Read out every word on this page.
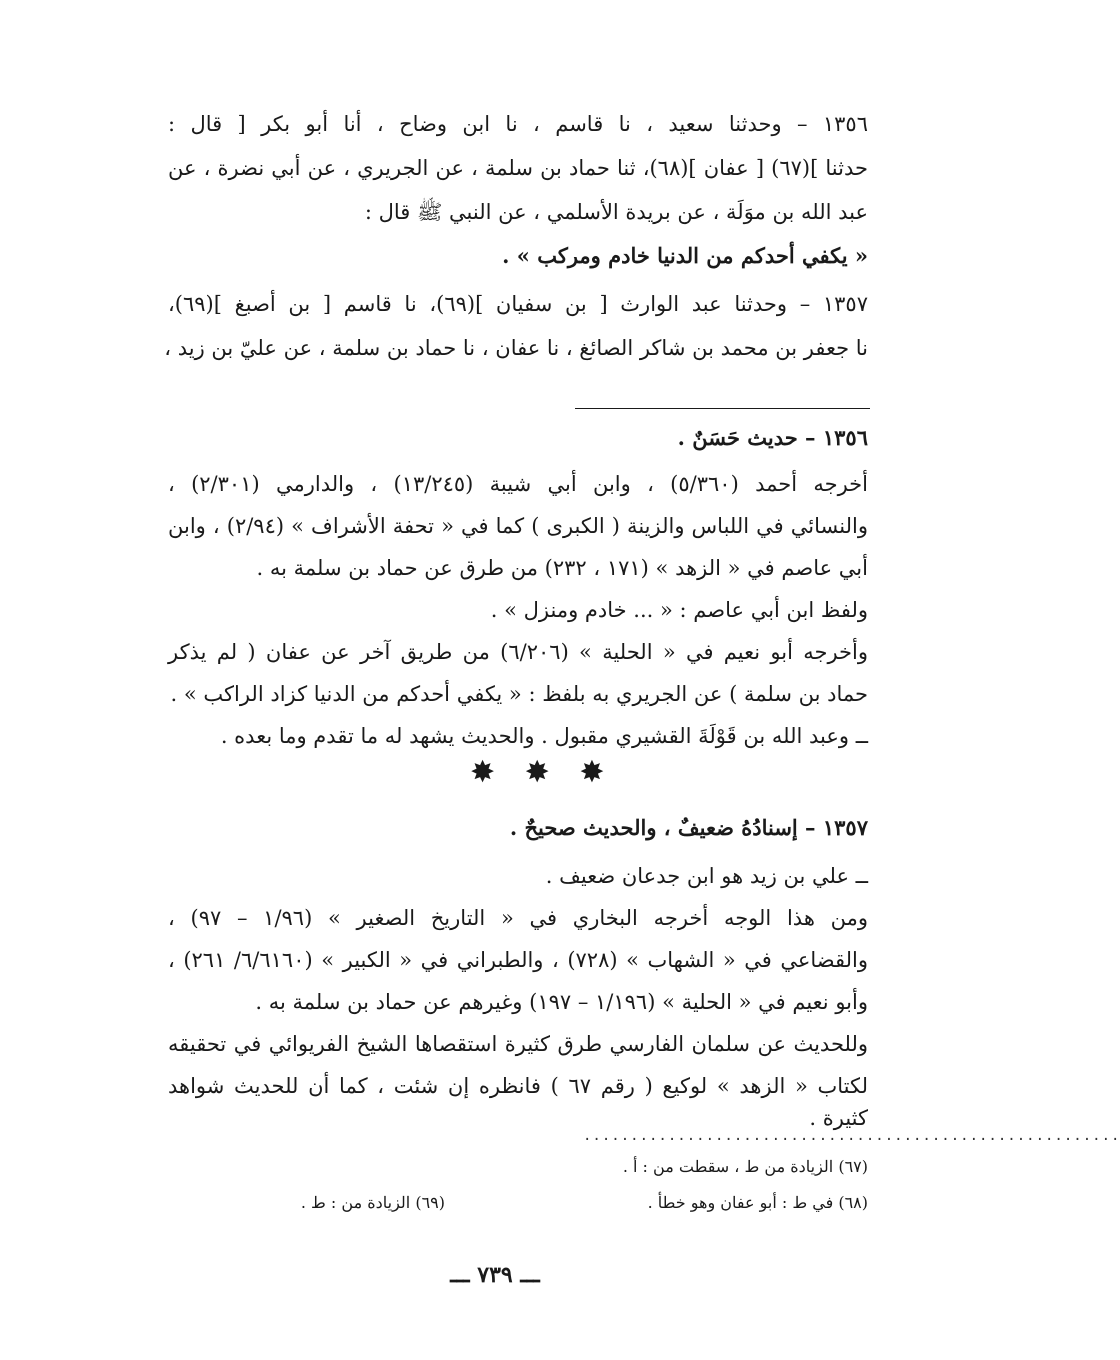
١٣٥٦ – وحدثنا سعيد ، نا قاسم ، نا ابن وضاح ، أنا أبو بكر [ قال :
حدثنا ](٦٧) [ عفان ](٦٨)، ثنا حماد بن سلمة ، عن الجريري ، عن أبي نضرة ، عن
عبد الله بن موَلَة ، عن بريدة الأسلمي ، عن النبي ﷺ قال :
« يكفي أحدكم من الدنيا خادم ومركب » .
١٣٥٧ – وحدثنا عبد الوارث [ بن سفيان ](٦٩)، نا قاسم [ بن أصبغ ](٦٩)،
نا جعفر بن محمد بن شاكر الصائغ ، نا عفان ، نا حماد بن سلمة ، عن عليّ بن زيد ،
١٣٥٦ – حديث حَسَنٌ .
أخرجه أحمد (٥/٣٦٠) ، وابن أبي شيبة (١٣/٢٤٥) ، والدارمي (٢/٣٠١) ،
والنسائي في اللباس والزينة ( الكبرى ) كما في « تحفة الأشراف » (٢/٩٤) ، وابن
أبي عاصم في « الزهد » (١٧١ ، ٢٣٢) من طرق عن حماد بن سلمة به .
ولفظ ابن أبي عاصم : « ... خادم ومنزل » .
وأخرجه أبو نعيم في « الحلية » (٦/٢٠٦) من طريق آخر عن عفان ( لم يذكر
حماد بن سلمة ) عن الجريري به بلفظ : « يكفي أحدكم من الدنيا كزاد الراكب » .
ــ وعبد الله بن قَوْلَةَ القشيري مقبول . والحديث يشهد له ما تقدم وما بعده .
✸ ✸ ✸
١٣٥٧ – إسنادُهُ ضعيفٌ ، والحديث صحيحٌ .
ــ علي بن زيد هو ابن جدعان ضعيف .
ومن هذا الوجه أخرجه البخاري في « التاريخ الصغير » (١/٩٦ – ٩٧) ،
والقضاعي في « الشهاب » (٧٢٨) ، والطبراني في « الكبير » (٦/٦١٦٠/ ٢٦١) ،
وأبو نعيم في « الحلية » (١/١٩٦ – ١٩٧) وغيرهم عن حماد بن سلمة به .
وللحديث عن سلمان الفارسي طرق كثيرة استقصاها الشيخ الفريوائي في تحقيقه
لكتاب « الزهد » لوكيع ( رقم ٦٧ ) فانظره إن شئت ، كما أن للحديث شواهد
كثيرة .
.........................................................
(٦٧) الزيادة من ط ، سقطت من : أ .
(٦٨) في ط : أبو عفان وهو خطأ .
(٦٩) الزيادة من : ط .
ـــ ٧٣٩ ـــ
